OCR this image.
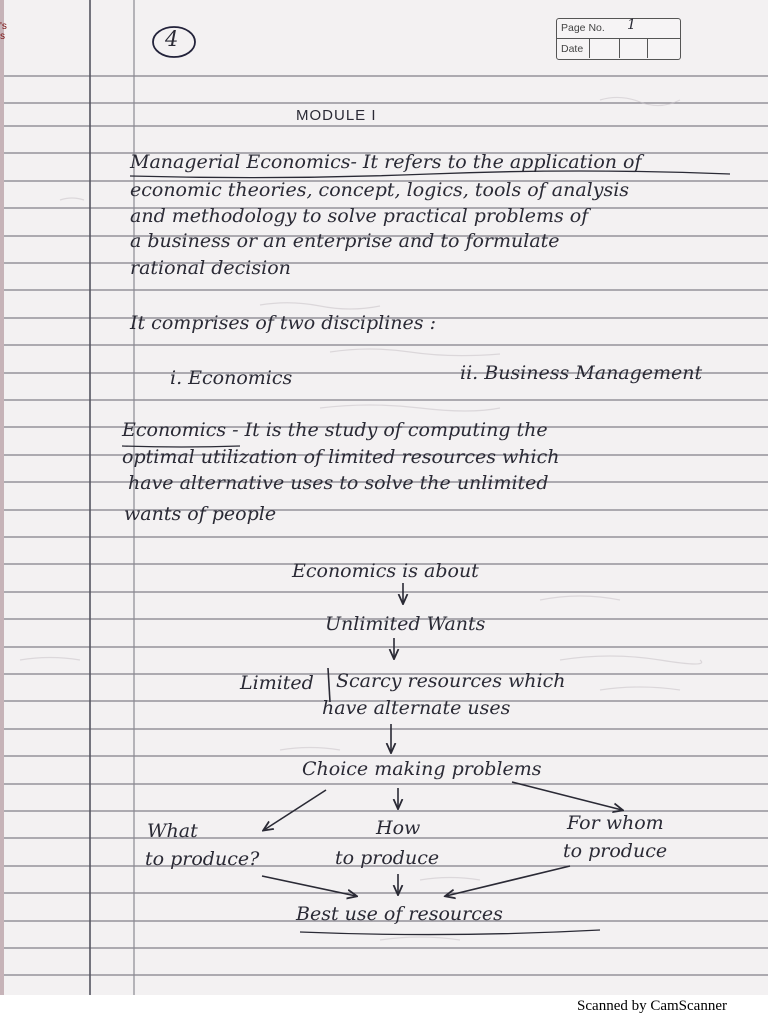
's
s	4	Page No. 1
Date
MODULE I
Managerial Economics- It refers to the application of
economic theories, concept, logics, tools of analysis
and methodology to solve practical problems of
a business or an enterprise and to formulate
rational decision
It comprises of two disciplines :
i. Economics	ii. Business Management
Economics - It is the study of computing the
optimal utilization of limited resources which
have alternative uses to solve the unlimited
wants of people
Economics is about
Unlimited Wants
Limited Scarcy resources which
have alternate uses
Choice making problems
What
to produce?
How
to produce
For whom
to produce
Best use of resources
Scanned by CamScanner
